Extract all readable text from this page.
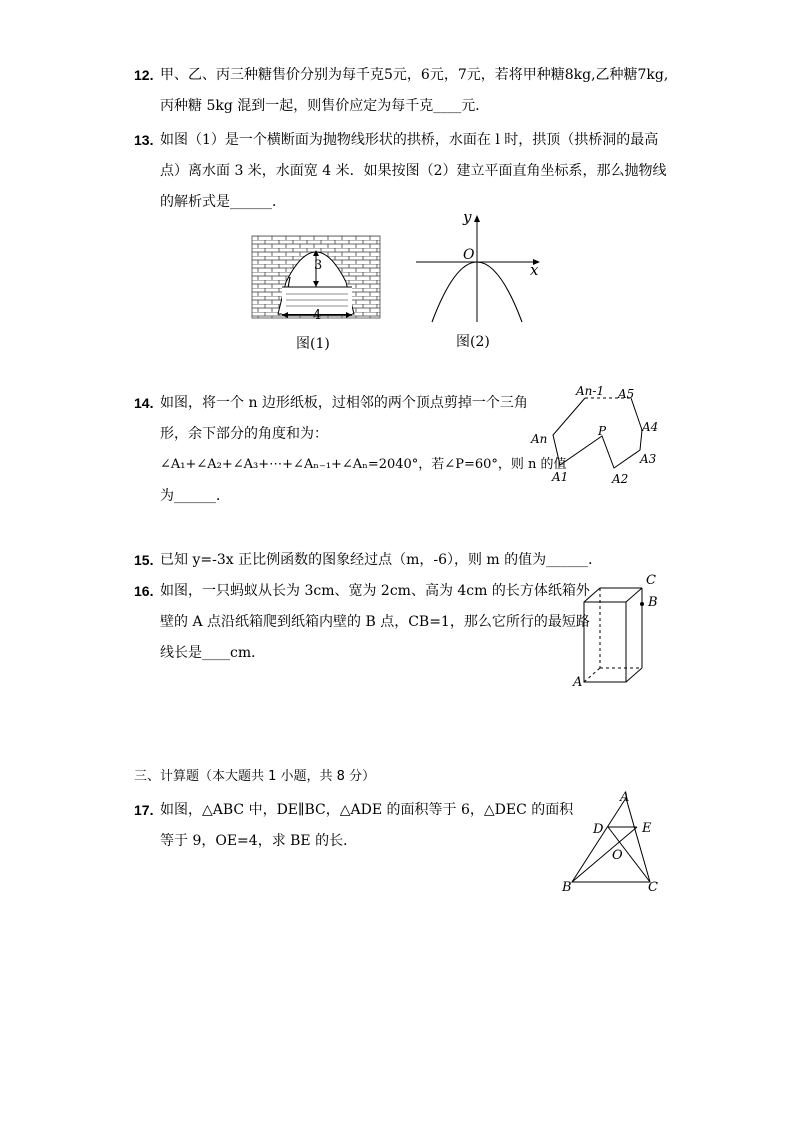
12. 甲、乙、丙三种糖售价分别为每千克5元，6元，7元，若将甲种糖8kg,乙种糖7kg,
丙种糖 5kg 混到一起，则售价应定为每千克____元．
13. 如图（1）是一个横断面为抛物线形状的拱桥，水面在 l 时，拱顶（拱桥洞的最高
点）离水面 3 米，水面宽 4 米．如果按图（2）建立平面直角坐标系，那么抛物线
的解析式是______．
3
l
4
图(1)
y
x
O
图(2)
14. 如图，将一个 n 边形纸板，过相邻的两个顶点剪掉一个三角
形，余下部分的角度和为：
∠A₁+∠A₂+∠A₃+⋯+∠Aₙ₋₁+∠Aₙ=2040°，若∠P=60°，则 n 的值
为______．
An-1 A5
A4
A3
A2
A1
An
P
15. 已知 y=-3x 正比例函数的图象经过点（m，-6），则 m 的值为______．
16. 如图，一只蚂蚁从长为 3cm、宽为 2cm、高为 4cm 的长方体纸箱外
壁的 A 点沿纸箱爬到纸箱内壁的 B 点，CB=1，那么它所行的最短路
线长是____cm．
C
B
A
三、计算题（本大题共 1 小题，共 8 分）
17. 如图，△ABC 中，DE∥BC，△ADE 的面积等于 6，△DEC 的面积
等于 9，OE=4，求 BE 的长．
A
D	E
O
B	C
